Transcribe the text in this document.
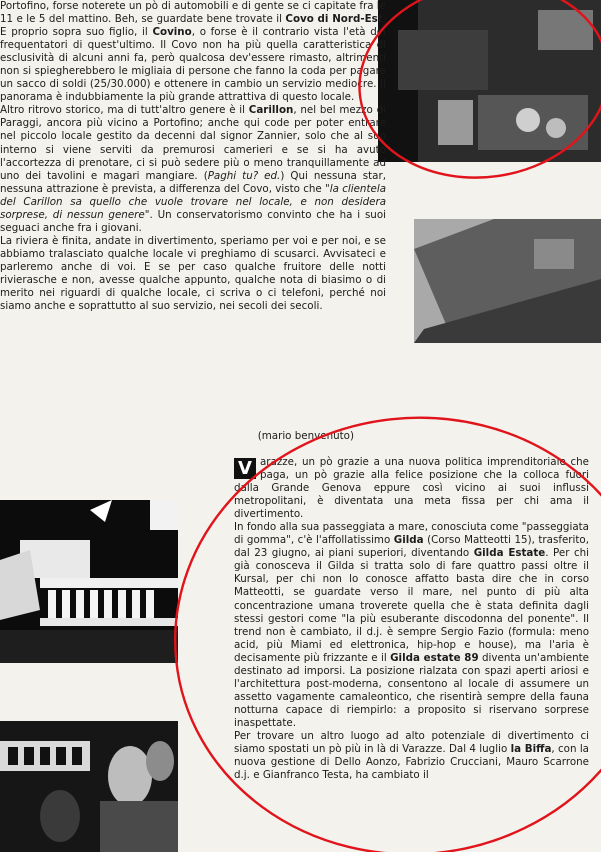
Portofino, forse noterete un pò di automobili e di gente se ci capitate fra le 11 e le 5 del mattino. Beh, se guardate bene trovate il Covo di Nord-Est. E proprio sopra suo figlio, il Covino, o forse è il contrario vista l'età dei frequentatori di quest'ultimo. Il Covo non ha più quella caratteristica di esclusività di alcuni anni fa, però qualcosa dev'essere rimasto, altrimenti non si spiegherebbero le migliaia di persone che fanno la coda per pagare un sacco di soldi (25/30.000) e ottenere in cambio un servizio mediocre. Il panorama è indubbiamente la più grande attrattiva di questo locale.

Altro ritrovo storico, ma di tutt'altro genere è il Carillon, nel bel mezzo di Paraggi, ancora più vicino a Portofino; anche qui code per poter entrare nel piccolo locale gestito da decenni dal signor Zannier, solo che al suo interno si viene serviti da premurosi camerieri e se si ha avuto l'accortezza di prenotare, ci si può sedere più o meno tranquillamente ad uno dei tavolini e magari mangiare. (Paghi tu? ed.) Qui nessuna star, nessuna attrazione è prevista, a differenza del Covo, visto che "la clientela del Carillon sa quello che vuole trovare nel locale, e non desidera sorprese, di nessun genere". Un conservatorismo convinto che ha i suoi seguaci anche fra i giovani.

La riviera è finita, andate in divertimento, speriamo per voi e per noi, e se abbiamo tralasciato qualche locale vi preghiamo di scusarci. Avvisateci e parleremo anche di voi. E se per caso qualche fruitore delle notti rivierasche e non, avesse qualche appunto, qualche nota di biasimo o di merito nei riguardi di qualche locale, ci scriva o ci telefoni, perché noi siamo anche e soprattutto al suo servizio, nei secoli dei secoli.

(mario benvenuto)

V arazze, un pò grazie a una nuova politica imprenditoriale che paga, un pò grazie alla felice posizione che la colloca fuori dalla Grande Genova eppure così vicino ai suoi influssi metropolitani, è diventata una meta fissa per chi ama il divertimento.

In fondo alla sua passeggiata a mare, conosciuta come "passeggiata di gomma", c'è l'affollatissimo Gilda (Corso Matteotti 15), trasferito, dal 23 giugno, ai piani superiori, diventando Gilda Estate. Per chi già conosceva il Gilda si tratta solo di fare quattro passi oltre il Kursal, per chi non lo conosce affatto basta dire che in corso Matteotti, se guardate verso il mare, nel punto di più alta concentrazione umana troverete quella che è stata definita dagli stessi gestori come "la più esuberante discodonna del ponente". Il trend non è cambiato, il d.j. è sempre Sergio Fazio (formula: meno acid, più Miami ed elettronica, hip-hop e house), ma l'aria è decisamente più frizzante e il Gilda estate 89 diventa un'ambiente destinato ad imporsi. La posizione rialzata con spazi aperti ariosi e l'architettura post-moderna, consentono al locale di assumere un assetto vagamente camaleontico, che risentirà sempre della fauna notturna capace di riempirlo: a proposito si riservano sorprese inaspettate.

Per trovare un altro luogo ad alto potenziale di divertimento ci siamo spostati un pò più in là di Varazze. Dal 4 luglio la Biffa, con la nuova gestione di Dello Aonzo, Fabrizio Crucciani, Mauro Scarrone d.j. e Gianfranco Testa, ha cambiato il
